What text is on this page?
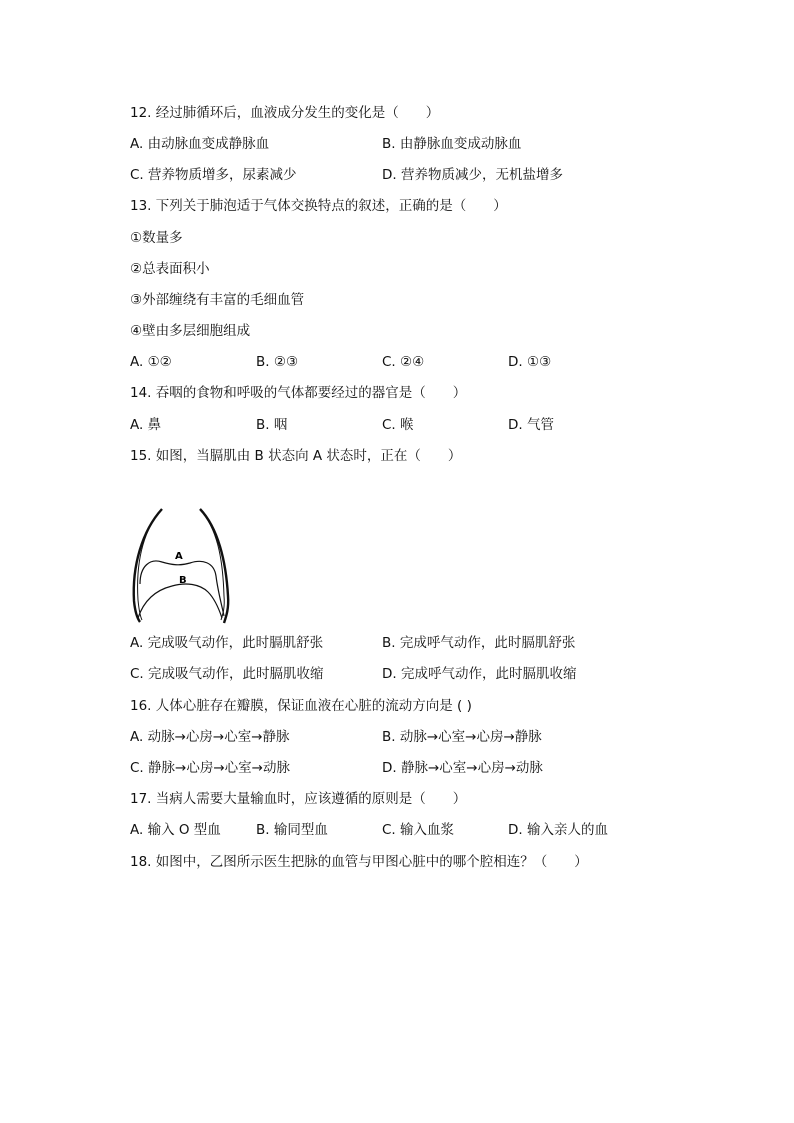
12. 经过肺循环后，血液成分发生的变化是（　　）
A. 由动脉血变成静脉血	B. 由静脉血变成动脉血
C. 营养物质增多，尿素减少	D. 营养物质减少，无机盐增多
13. 下列关于肺泡适于气体交换特点的叙述，正确的是（　　）
①数量多
②总表面积小
③外部缠绕有丰富的毛细血管
④壁由多层细胞组成
A. ①②	B. ②③	C. ②④	D. ①③
14. 吞咽的食物和呼吸的气体都要经过的器官是（　　）
A. 鼻	B. 咽	C. 喉	D. 气管
15. 如图，当膈肌由 B 状态向 A 状态时，正在（　　）
A
B
A. 完成吸气动作，此时膈肌舒张	B. 完成呼气动作，此时膈肌舒张
C. 完成吸气动作，此时膈肌收缩	D. 完成呼气动作，此时膈肌收缩
16. 人体心脏存在瓣膜，保证血液在心脏的流动方向是 ( )
A. 动脉→心房→心室→静脉	B. 动脉→心室→心房→静脉
C. 静脉→心房→心室→动脉	D. 静脉→心室→心房→动脉
17. 当病人需要大量输血时，应该遵循的原则是（　　）
A. 输入 O 型血	B. 输同型血	C. 输入血浆	D. 输入亲人的血
18. 如图中，乙图所示医生把脉的血管与甲图心脏中的哪个腔相连？（　　）
